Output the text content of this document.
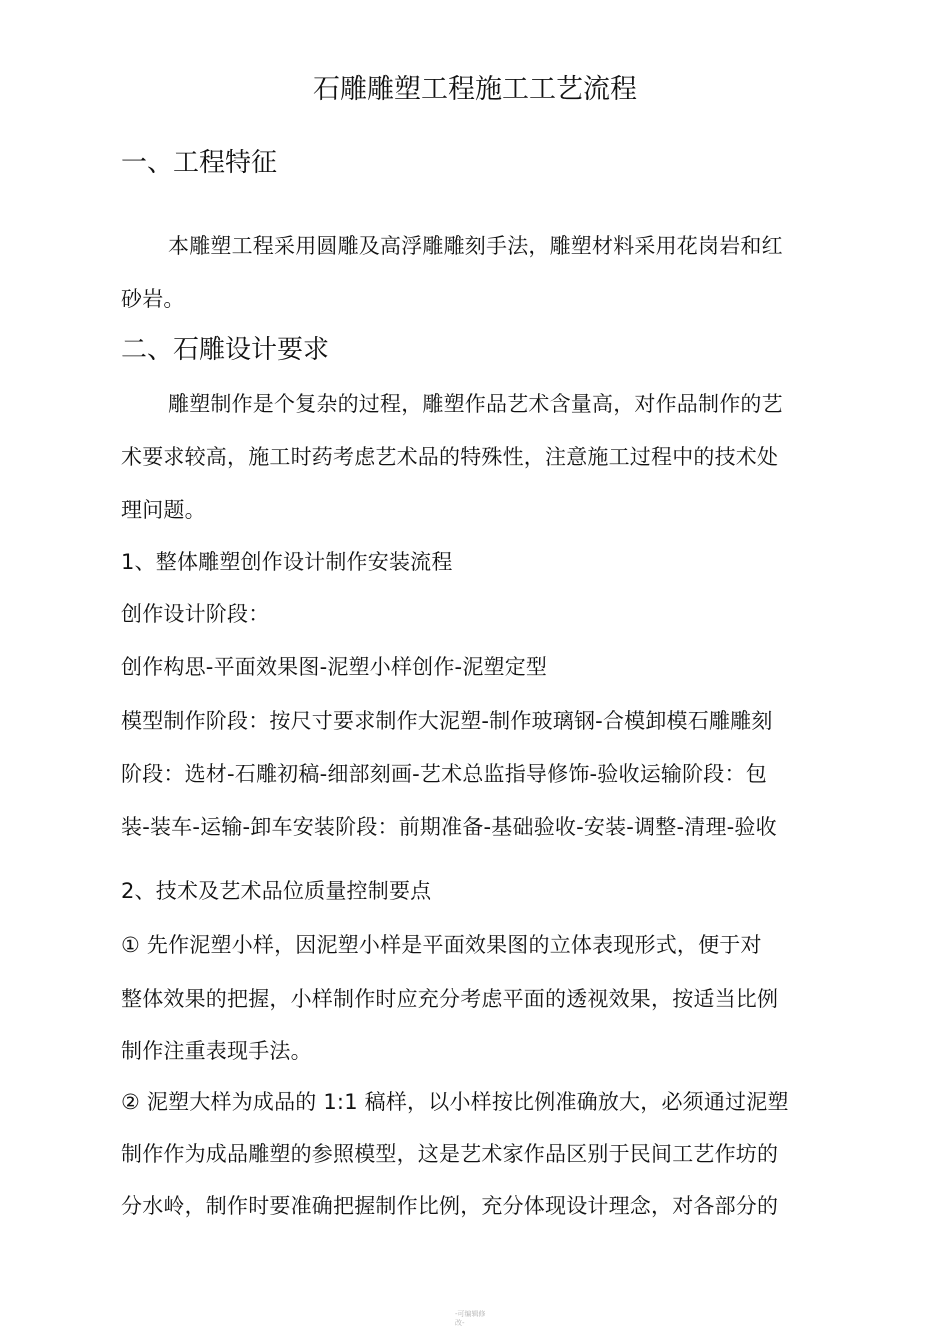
石雕雕塑工程施工工艺流程
一、工程特征
本雕塑工程采用圆雕及高浮雕雕刻手法，雕塑材料采用花岗岩和红
砂岩。
二、石雕设计要求
雕塑制作是个复杂的过程，雕塑作品艺术含量高，对作品制作的艺
术要求较高，施工时药考虑艺术品的特殊性，注意施工过程中的技术处
理问题。
1、整体雕塑创作设计制作安装流程
创作设计阶段：
创作构思-平面效果图-泥塑小样创作-泥塑定型
模型制作阶段：按尺寸要求制作大泥塑-制作玻璃钢-合模卸模石雕雕刻
阶段：选材-石雕初稿-细部刻画-艺术总监指导修饰-验收运输阶段：包
装-装车-运输-卸车安装阶段：前期准备-基础验收-安装-调整-清理-验收
2、技术及艺术品位质量控制要点
① 先作泥塑小样，因泥塑小样是平面效果图的立体表现形式，便于对
整体效果的把握，小样制作时应充分考虑平面的透视效果，按适当比例
制作注重表现手法。
② 泥塑大样为成品的 1:1 稿样，以小样按比例准确放大，必须通过泥塑
制作作为成品雕塑的参照模型，这是艺术家作品区别于民间工艺作坊的
分水岭，制作时要准确把握制作比例，充分体现设计理念，对各部分的
-可编辑修改-
